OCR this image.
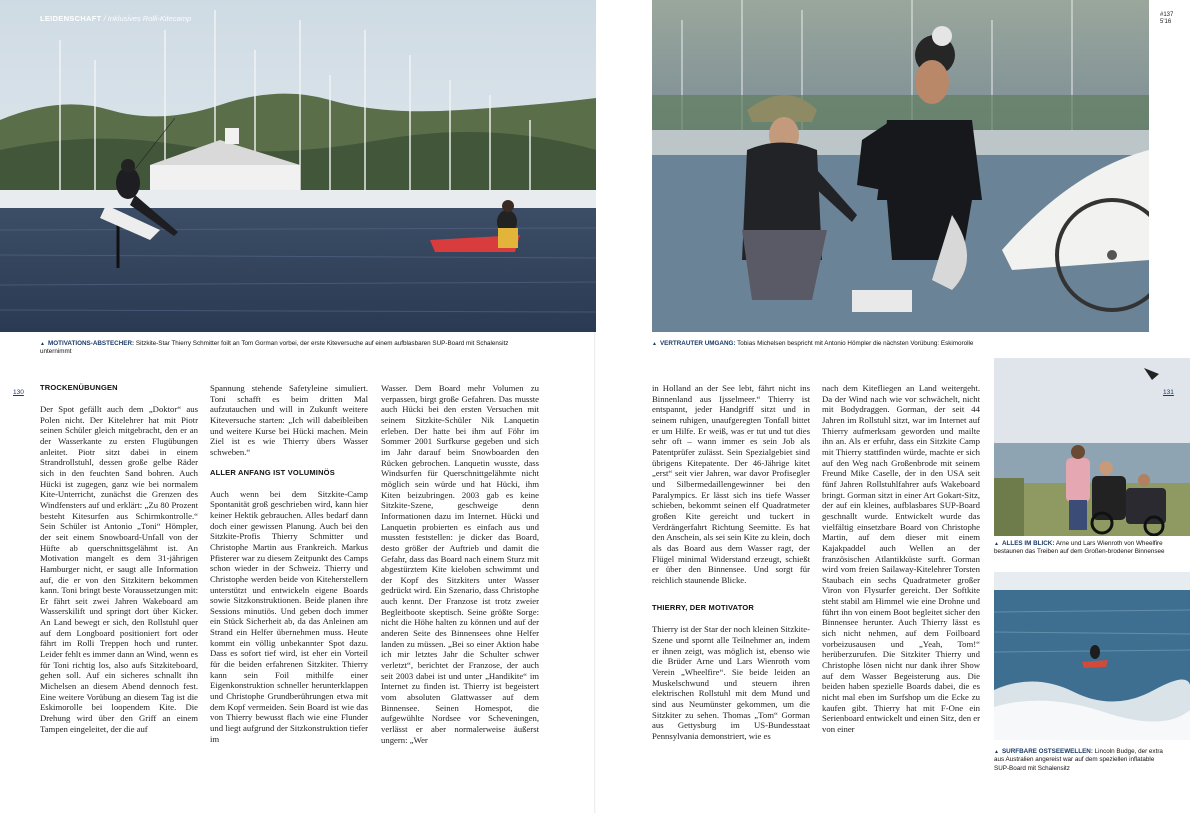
LEIDENSCHAFT / Inklusives Rolli-Kitecamp	#137
5'16
▲ MOTIVATIONS-ABSTECHER: Sitzkite-Star Thierry Schmitter foilt an Tom Gorman vorbei, der erste Kiteversuche auf einem aufblasbaren SUP-Board mit Schalensitz unternimmt
▲ VERTRAUTER UMGANG: Tobias Michelsen bespricht mit Antonio Hömpler die nächsten Vorübung: Eskimorolle
▲ ALLES IM BLICK: Arne und Lars Wienroth von Wheelfire bestaunen das Treiben auf dem Großen-brodener Binnensee
▲ SURFBARE OSTSEEWELLEN: Lincoln Budge, der extra aus Australien angereist war auf dem speziellen inflatable SUP-Board mit Schalensitz
130	131
TROCKENÜBUNGEN

Der Spot gefällt auch dem „Doktor“ aus Polen nicht. Der Kitelehrer hat mit Piotr seinen Schüler gleich mitgebracht, den er an der Wasserkante zu ersten Flugübungen anleitet. Piotr sitzt dabei in einem Strandrollstuhl, dessen große gelbe Räder sich in den feuchten Sand bohren. Auch Hücki ist zugegen, ganz wie bei normalem Kite-Unterricht, zunächst die Grenzen des Windfensters auf und erklärt: „Zu 80 Prozent besteht Kitesurfen aus Schirmkontrolle.“ Sein Schüler ist Antonio „Toni“ Hömpler, der seit einem Snowboard-Unfall von der Hüfte ab querschnittsgelähmt ist. An Motivation mangelt es dem 31-jährigen Hamburger nicht, er saugt alle Information auf, die er von den Sitzkitern bekommen kann. Toni bringt beste Voraussetzungen mit: Er fährt seit zwei Jahren Wakeboard am Wasserskilift und springt dort über Kicker. An Land bewegt er sich, den Rollstuhl quer auf dem Longboard positioniert fort oder fährt im Rolli Treppen hoch und runter. Leider fehlt es immer dann an Wind, wenn es für Toni richtig los, also aufs Sitzkiteboard, gehen soll. Auf ein sicheres schnallt ihn Michelsen an diesem Abend dennoch fest. Eine weitere Vorübung an diesem Tag ist die Eskimorolle bei loopendem Kite. Die Drehung wird über den Griff an einem Tampen eingeleitet, der die auf

Spannung stehende Safetyleine simuliert. Toni schafft es beim dritten Mal aufzutauchen und will in Zukunft weitere Kiteversuche starten: „Ich will dabeibleiben und weitere Kurse bei Hücki machen. Mein Ziel ist es wie Thierry übers Wasser schweben.“

ALLER ANFANG IST VOLUMINÖS

Auch wenn bei dem Sitzkite-Camp Spontanität groß geschrieben wird, kann hier keiner Hektik gebrauchen. Alles bedarf dann doch einer gewissen Planung. Auch bei den Sitzkite-Profis Thierry Schmitter und Christophe Martin aus Frankreich. Markus Pfisterer war zu diesem Zeitpunkt des Camps schon wieder in der Schweiz. Thierry und Christophe werden beide von Kiteherstellern unterstützt und entwickeln eigene Boards sowie Sitzkonstruktionen. Beide planen ihre Sessions minutiös. Und geben doch immer ein Stück Sicherheit ab, da das Anleinen am Strand ein Helfer übernehmen muss. Heute kommt ein völlig unbekannter Spot dazu. Dass es sofort tief wird, ist eher ein Vorteil für die beiden erfahrenen Sitzkiter. Thierry kann sein Foil mithilfe einer Eigenkonstruktion schneller herunterklappen und Christophe Grundberührungen etwa mit dem Kopf vermeiden. Sein Board ist wie das von Thierry bewusst flach wie eine Flunder und liegt aufgrund der Sitzkonstruktion tiefer im

Wasser. Dem Board mehr Volumen zu verpassen, birgt große Gefahren. Das musste auch Hücki bei den ersten Versuchen mit seinem Sitzkite-Schüler Nik Lanquetin erleben. Der hatte bei ihm auf Föhr im Sommer 2001 Surfkurse gegeben und sich im Jahr darauf beim Snowboarden den Rücken gebrochen. Lanquetin wusste, dass Windsurfen für Querschnittgelähmte nicht möglich sein würde und hat Hücki, ihm Kiten beizubringen. 2003 gab es keine Sitzkite-Szene, geschweige denn Informationen dazu im Internet. Hücki und Lanquetin probierten es einfach aus und mussten feststellen: je dicker das Board, desto größer der Auftrieb und damit die Gefahr, dass das Board nach einem Sturz mit abgestürztem Kite kieloben schwimmt und der Kopf des Sitzkiters unter Wasser gedrückt wird. Ein Szenario, dass Christophe auch kennt. Der Franzose ist trotz zweier Begleitboote skeptisch. Seine größte Sorge: nicht die Höhe halten zu können und auf der anderen Seite des Binnensees ohne Helfer landen zu müssen. „Bei so einer Aktion habe ich mir letztes Jahr die Schulter schwer verletzt“, berichtet der Franzose, der auch seit 2003 dabei ist und unter „Handikite“ im Internet zu finden ist. Thierry ist begeistert vom absoluten Glattwasser auf dem Binnensee. Seinen Homespot, die aufgewühlte Nordsee vor Scheveningen, verlässt er aber normalerweise äußerst ungern: „Wer

in Holland an der See lebt, fährt nicht ins Binnenland aus Ijsselmeer.“ Thierry ist entspannt, jeder Handgriff sitzt und in seinem ruhigen, unaufgeregten Tonfall bittet er um Hilfe. Er weiß, was er tut und tut dies sehr oft – wann immer es sein Job als Patentprüfer zulässt. Sein Spezialgebiet sind übrigens Kitepatente. Der 46-Jährige kitet „erst“ seit vier Jahren, war davor Profisegler und Silbermedaillengewinner bei den Paralympics. Er lässt sich ins tiefe Wasser schieben, bekommt seinen elf Quadratmeter großen Kite gereicht und tuckert in Verdrängerfahrt Richtung Seemitte. Es hat den Anschein, als sei sein Kite zu klein, doch als das Board aus dem Wasser ragt, der Flügel minimal Widerstand erzeugt, schießt er über den Binnensee. Und sorgt für reichlich staunende Blicke.

THIERRY, DER MOTIVATOR

Thierry ist der Star der noch kleinen Sitzkite-Szene und spornt alle Teilnehmer an, indem er ihnen zeigt, was möglich ist, ebenso wie die Brüder Arne und Lars Wienroth vom Verein „Wheelfire“. Sie beide leiden an Muskelschwund und steuern ihren elektrischen Rollstuhl mit dem Mund und sind aus Neumünster gekommen, um die Sitzkiter zu sehen. Thomas „Tom“ Gorman aus Gettysburg im US-Bundesstaat Pennsylvania demonstriert, wie es

nach dem Kitefliegen an Land weitergeht. Da der Wind nach wie vor schwächelt, nicht mit Bodydraggen. Gorman, der seit 44 Jahren im Rollstuhl sitzt, war im Internet auf Thierry aufmerksam geworden und mailte ihn an. Als er erfuhr, dass ein Sitzkite Camp mit Thierry stattfinden würde, machte er sich auf den Weg nach Großenbrode mit seinem Freund Mike Caselle, der in den USA seit fünf Jahren Rollstuhlfahrer aufs Wakeboard bringt. Gorman sitzt in einer Art Gokart-Sitz, der auf ein kleines, aufblasbares SUP-Board geschnallt wurde. Entwickelt wurde das vielfältig einsetzbare Board von Christophe Martin, auf dem dieser mit einem Kajakpaddel auch Wellen an der französischen Atlantikküste surft. Gorman wird vom freien Sailaway-Kitelehrer Torsten Staubach ein sechs Quadratmeter großer Viron von Flysurfer gereicht. Der Softkite steht stabil am Himmel wie eine Drohne und führt ihn von einem Boot begleitet sicher den Binnensee herunter. Auch Thierry lässt es sich nicht nehmen, auf dem Foilboard vorbeizusausen und „Yeah, Tom!“ herüberzurufen. Die Sitzkiter Thierry und Christophe lösen nicht nur dank ihrer Show auf dem Wasser Begeisterung aus. Die beiden haben spezielle Boards dabei, die es nicht mal eben im Surfshop um die Ecke zu kaufen gibt. Thierry hat mit F-One ein Serienboard entwickelt und einen Sitz, den er von einer
